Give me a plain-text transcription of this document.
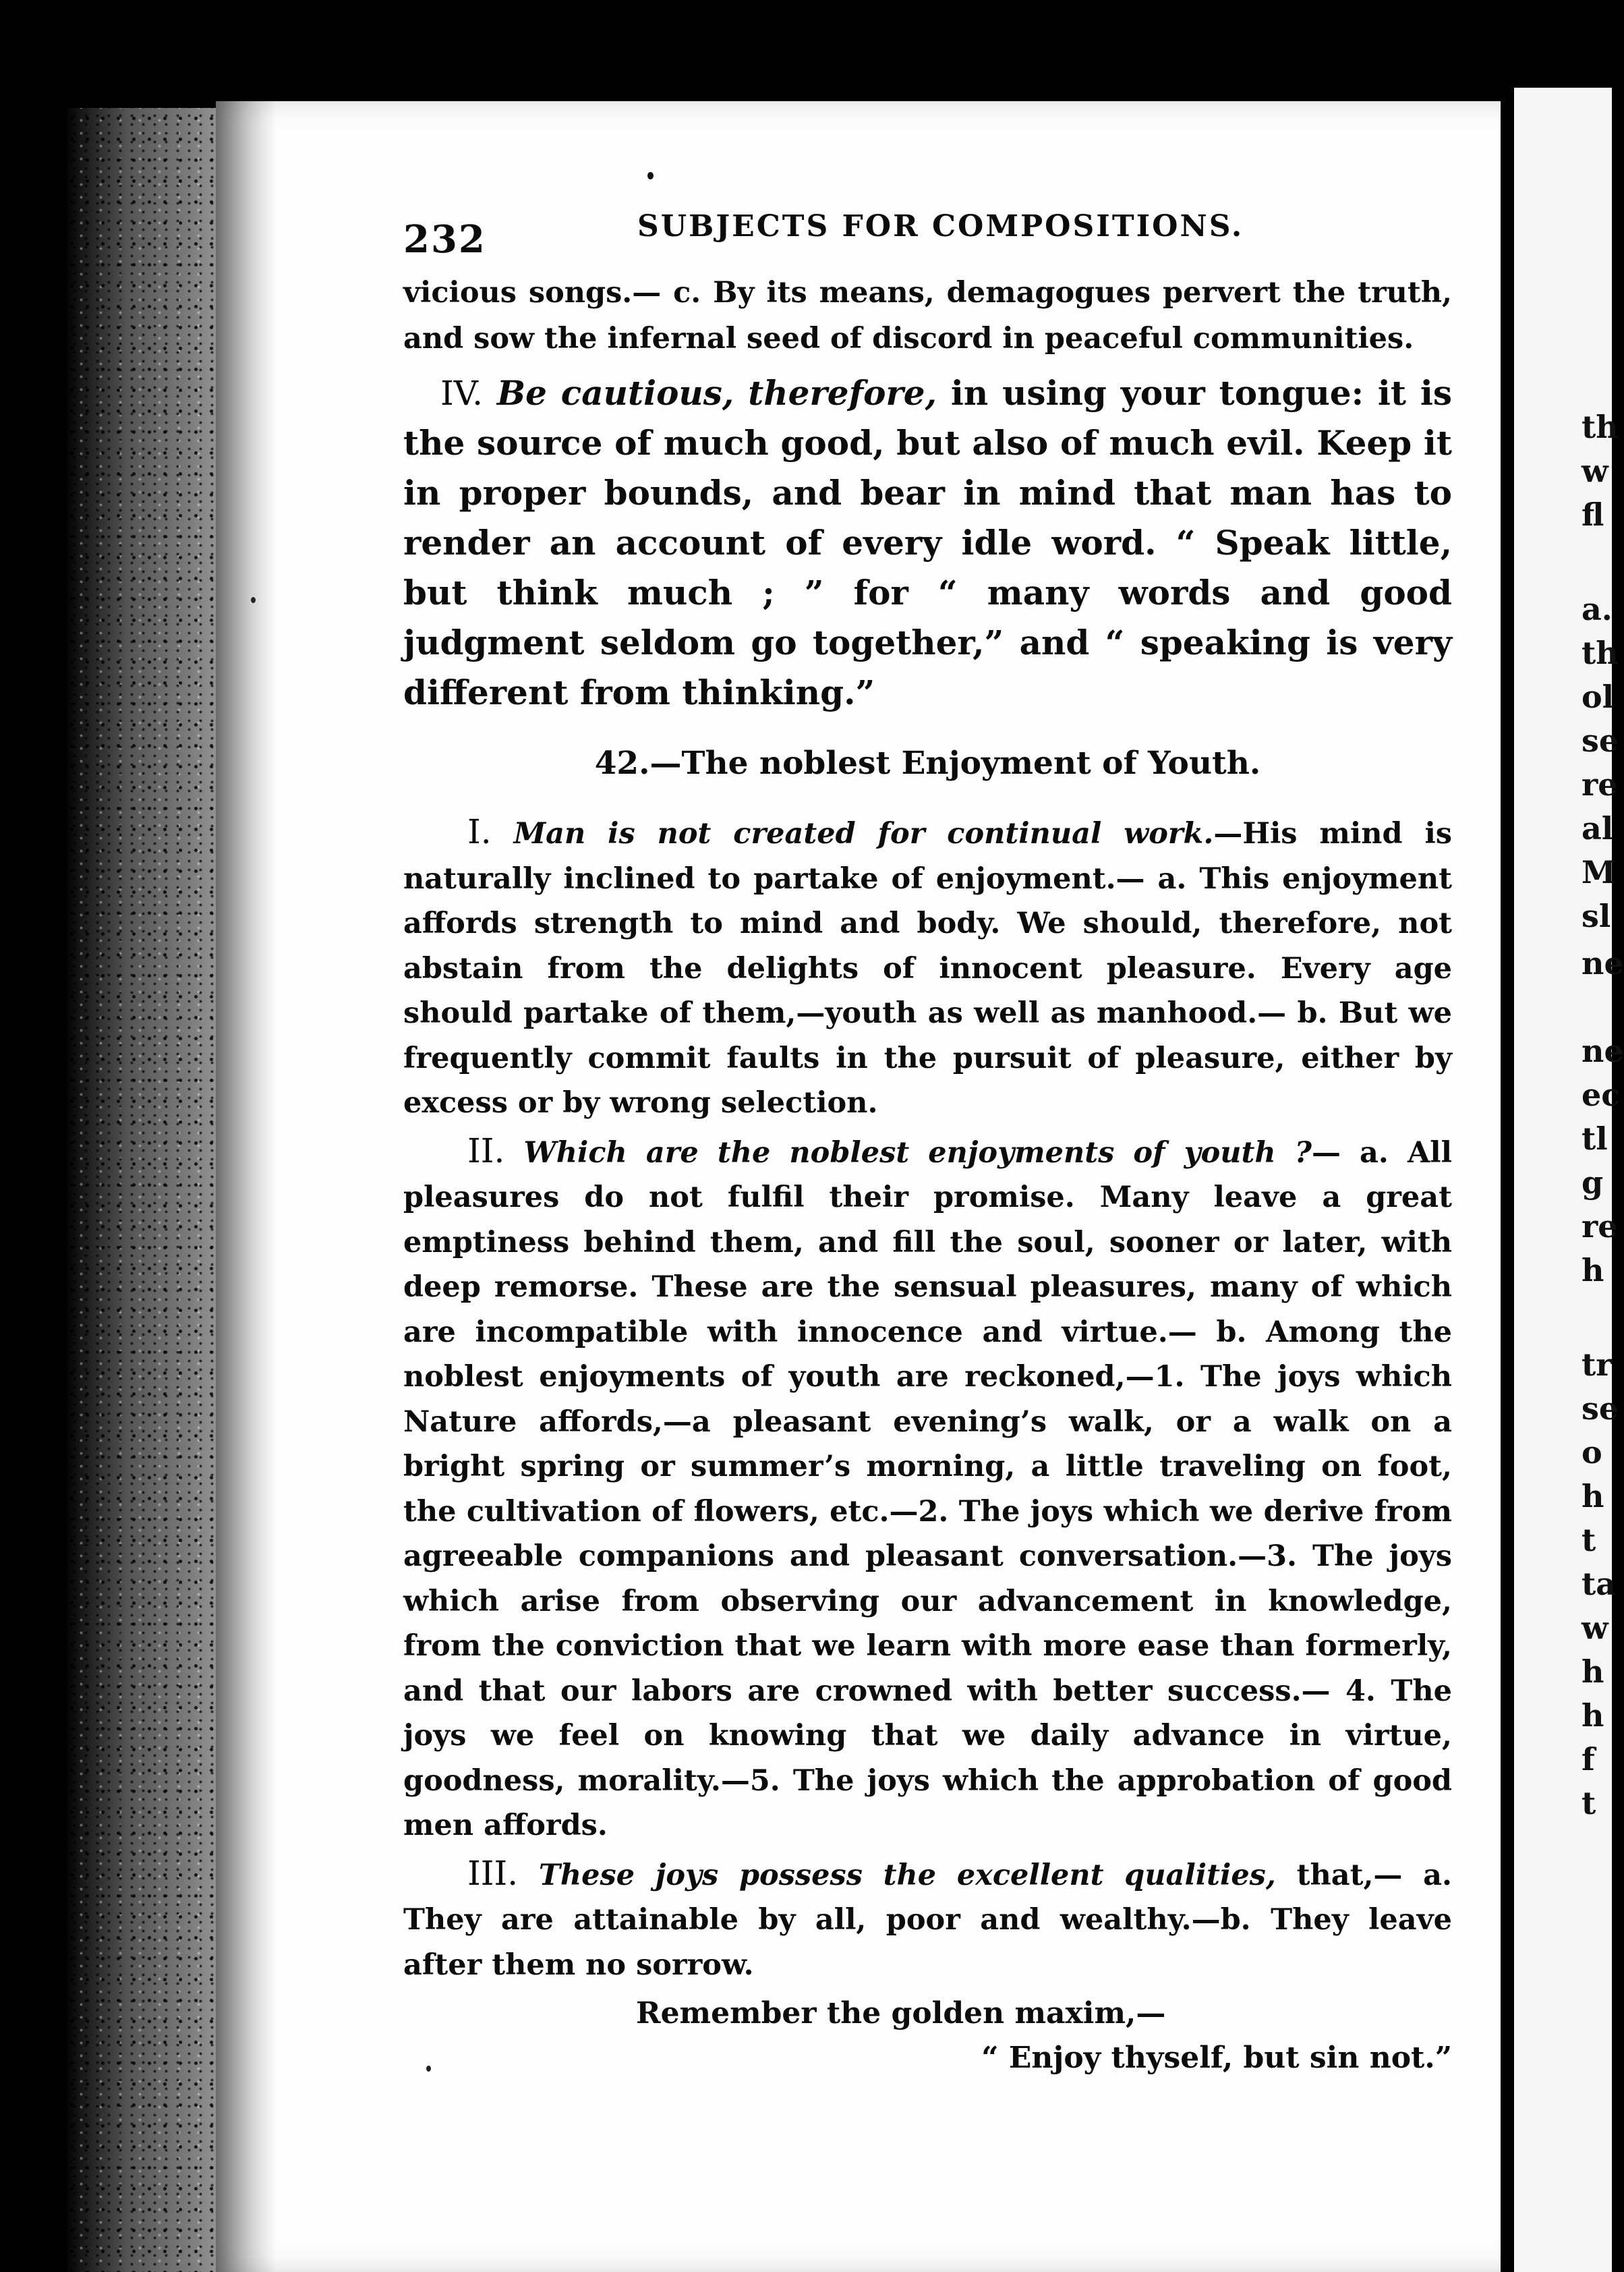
th
w
fl
a.
th
ol
se
re
al
M
sl
ne
ne
ec
tl
g
re
h
tr
se
o
h
t
ta
w
h
h
f
t
232	SUBJECTS FOR COMPOSITIONS.

vicious songs.— c. By its means, demagogues pervert the truth, and sow the infernal seed of discord in peaceful communities.

IV. Be cautious, therefore, in using your tongue: it is the source of much good, but also of much evil. Keep it in proper bounds, and bear in mind that man has to render an account of every idle word. “ Speak little, but think much ; ” for “ many words and good judgment seldom go together,” and “ speaking is very different from thinking.”

42.—The noblest Enjoyment of Youth.

I. Man is not created for continual work.—His mind is naturally inclined to partake of enjoyment.— a. This enjoyment affords strength to mind and body. We should, therefore, not abstain from the delights of innocent pleasure. Every age should partake of them,—youth as well as manhood.— b. But we frequently commit faults in the pursuit of pleasure, either by excess or by wrong selection.

II. Which are the noblest enjoyments of youth ?— a. All pleasures do not fulfil their promise. Many leave a great emptiness behind them, and fill the soul, sooner or later, with deep remorse. These are the sensual pleasures, many of which are incompatible with innocence and virtue.— b. Among the noblest enjoyments of youth are reckoned,—1. The joys which Nature affords,—a pleasant evening’s walk, or a walk on a bright spring or summer’s morning, a little traveling on foot, the cultivation of flowers, etc.—2. The joys which we derive from agreeable companions and pleasant conversation.—3. The joys which arise from observing our advancement in knowledge, from the conviction that we learn with more ease than formerly, and that our labors are crowned with better success.— 4. The joys we feel on knowing that we daily advance in virtue, goodness, morality.—5. The joys which the approbation of good men affords.

III. These joys possess the excellent qualities, that,— a. They are attainable by all, poor and wealthy.—b. They leave after them no sorrow.

Remember the golden maxim,—
“ Enjoy thyself, but sin not.”
